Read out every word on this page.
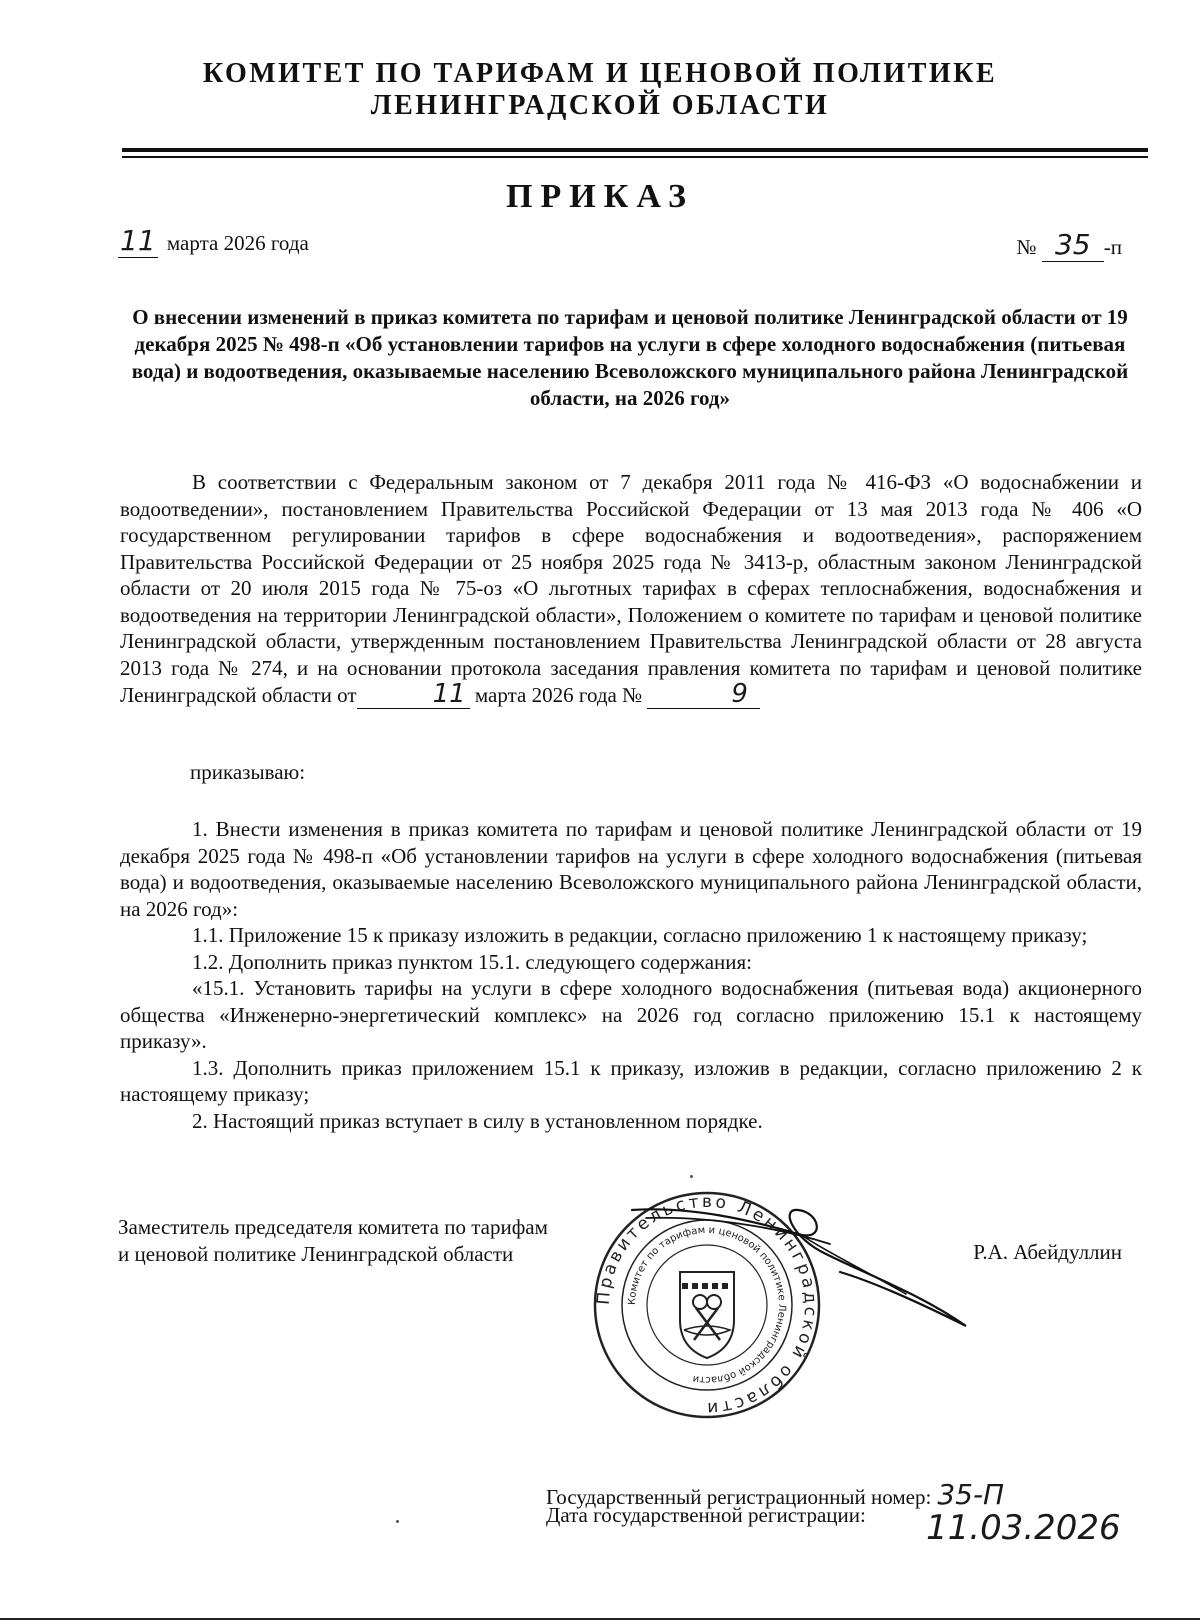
КОМИТЕТ ПО ТАРИФАМ И ЦЕНОВОЙ ПОЛИТИКЕ
ЛЕНИНГРАДСКОЙ ОБЛАСТИ
ПРИКАЗ
11 марта 2026 года	№ 35 -п
О внесении изменений в приказ комитета по тарифам и ценовой политике Ленинградской области от 19 декабря 2025 № 498-п «Об установлении тарифов на услуги в сфере холодного водоснабжения (питьевая вода) и водоотведения, оказываемые населению Всеволожского муниципального района Ленинградской области, на 2026 год»

В соответствии с Федеральным законом от 7 декабря 2011 года № 416-ФЗ «О водоснабжении и водоотведении», постановлением Правительства Российской Федерации от 13 мая 2013 года № 406 «О государственном регулировании тарифов в сфере водоснабжения и водоотведения», распоряжением Правительства Российской Федерации от 25 ноября 2025 года № 3413-р, областным законом Ленинградской области от 20 июля 2015 года № 75-оз «О льготных тарифах в сферах теплоснабжения, водоснабжения и водоотведения на территории Ленинградской области», Положением о комитете по тарифам и ценовой политике Ленинградской области, утвержденным постановлением Правительства Ленинградской области от 28 августа 2013 года № 274, и на основании протокола заседания правления комитета по тарифам и ценовой политике Ленинградской области от	11 марта 2026 года №	9

приказываю:

1. Внести изменения в приказ комитета по тарифам и ценовой политике Ленинградской области от 19 декабря 2025 года № 498-п «Об установлении тарифов на услуги в сфере холодного водоснабжения (питьевая вода) и водоотведения, оказываемые населению Всеволожского муниципального района Ленинградской области, на 2026 год»:

1.1. Приложение 15 к приказу изложить в редакции, согласно приложению 1 к настоящему приказу;

1.2. Дополнить приказ пунктом 15.1. следующего содержания:

«15.1. Установить тарифы на услуги в сфере холодного водоснабжения (питьевая вода) акционерного общества «Инженерно-энергетический комплекс» на 2026 год согласно приложению 15.1 к настоящему приказу».

1.3. Дополнить приказ приложением 15.1 к приказу, изложив в редакции, согласно приложению 2 к настоящему приказу;

2. Настоящий приказ вступает в силу в установленном порядке.

Заместитель председателя комитета по тарифам
и ценовой политике Ленинградской области	Р.А. Абейдуллин
Правительство Ленинградской области
Комитет по тарифам и ценовой политике Ленинградской области
Государственный регистрационный номер: 35-П
Дата государственной регистрации: 11.03.2026
